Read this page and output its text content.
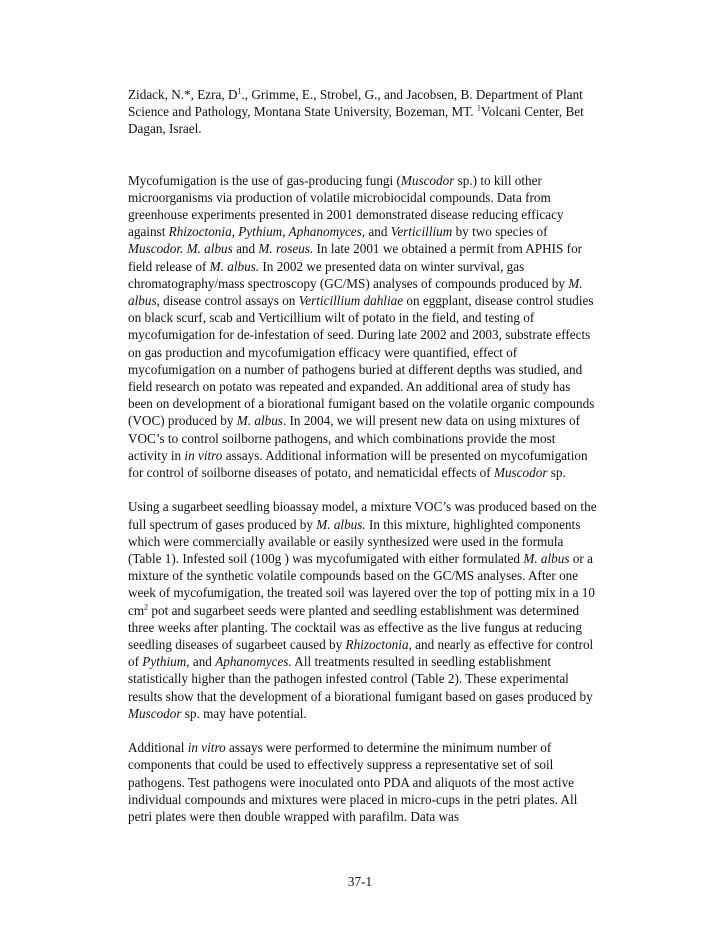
Zidack, N.*, Ezra, $D^1$., Grimme, E., Strobel, G., and Jacobsen, B. Department of Plant Science and Pathology, Montana State University, Bozeman, MT. $^1$Volcani Center, Bet Dagan, Israel.

Mycofumigation is the use of gas-producing fungi (Muscodor sp.) to kill other microorganisms via production of volatile microbiocidal compounds. Data from greenhouse experiments presented in 2001 demonstrated disease reducing efficacy against Rhizoctonia, Pythium, Aphanomyces, and Verticillium by two species of Muscodor. M. albus and M. roseus. In late 2001 we obtained a permit from APHIS for field release of M. albus. In 2002 we presented data on winter survival, gas chromatography/mass spectroscopy (GC/MS) analyses of compounds produced by M. albus, disease control assays on Verticillium dahliae on eggplant, disease control studies on black scurf, scab and Verticillium wilt of potato in the field, and testing of mycofumigation for de-infestation of seed. During late 2002 and 2003, substrate effects on gas production and mycofumigation efficacy were quantified, effect of mycofumigation on a number of pathogens buried at different depths was studied, and field research on potato was repeated and expanded. An additional area of study has been on development of a biorational fumigant based on the volatile organic compounds (VOC) produced by M. albus. In 2004, we will present new data on using mixtures of VOC’s to control soilborne pathogens, and which combinations provide the most activity in in vitro assays. Additional information will be presented on mycofumigation for control of soilborne diseases of potato, and nematicidal effects of Muscodor sp.

Using a sugarbeet seedling bioassay model, a mixture VOC’s was produced based on the full spectrum of gases produced by M. albus. In this mixture, highlighted components which were commercially available or easily synthesized were used in the formula (Table 1). Infested soil (100g ) was mycofumigated with either formulated M. albus or a mixture of the synthetic volatile compounds based on the GC/MS analyses. After one week of mycofumigation, the treated soil was layered over the top of potting mix in a 10 $cm^2$ pot and sugarbeet seeds were planted and seedling establishment was determined three weeks after planting. The cocktail was as effective as the live fungus at reducing seedling diseases of sugarbeet caused by Rhizoctonia, and nearly as effective for control of Pythium, and Aphanomyces. All treatments resulted in seedling establishment statistically higher than the pathogen infested control (Table 2). These experimental results show that the development of a biorational fumigant based on gases produced by Muscodor sp. may have potential.

Additional in vitro assays were performed to determine the minimum number of components that could be used to effectively suppress a representative set of soil pathogens. Test pathogens were inoculated onto PDA and aliquots of the most active individual compounds and mixtures were placed in micro-cups in the petri plates. All petri plates were then double wrapped with parafilm. Data was

37-1
